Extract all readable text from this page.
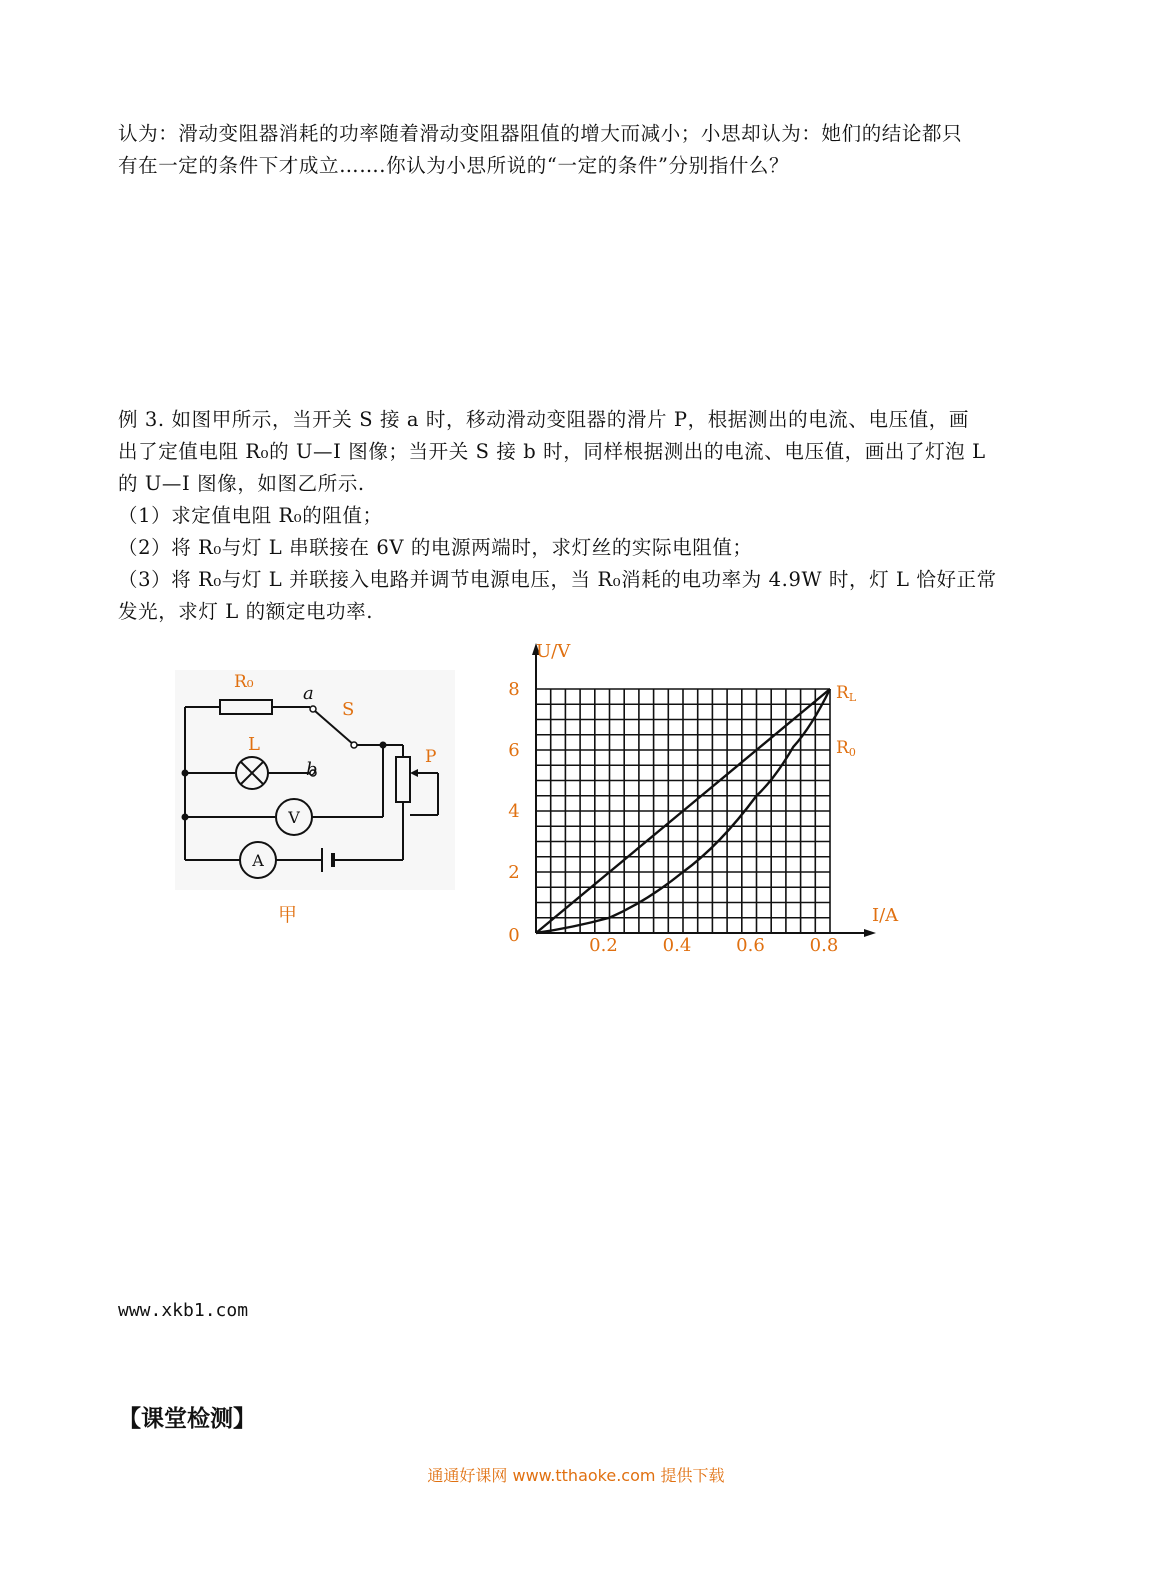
认为：滑动变阻器消耗的功率随着滑动变阻器阻值的增大而减小；小思却认为：她们的结论都只
有在一定的条件下才成立…….你认为小思所说的“一定的条件”分别指什么？

例 3. 如图甲所示，当开关 S 接 a 时，移动滑动变阻器的滑片 P，根据测出的电流、电压值，画
出了定值电阻 R₀的 U—I 图像；当开关 S 接 b 时，同样根据测出的电流、电压值，画出了灯泡 L
的 U—I 图像，如图乙所示.
（1）求定值电阻 R₀的阻值；
（2）将 R₀与灯 L 串联接在 6V 的电源两端时，求灯丝的实际电阻值；
（3）将 R₀与灯 L 并联接入电路并调节电源电压，当 R₀消耗的电功率为 4.9W 时，灯 L 恰好正常
发光，求灯 L 的额定电功率.

R₀
a
S
L
b
P
V
A
甲
0.2 0.4 0.6 0.8
2
4
6
8
0
U/V
I/A
RL
R0
www.xkb1.com
【课堂检测】
通通好课网 www.tthaoke.com 提供下载
